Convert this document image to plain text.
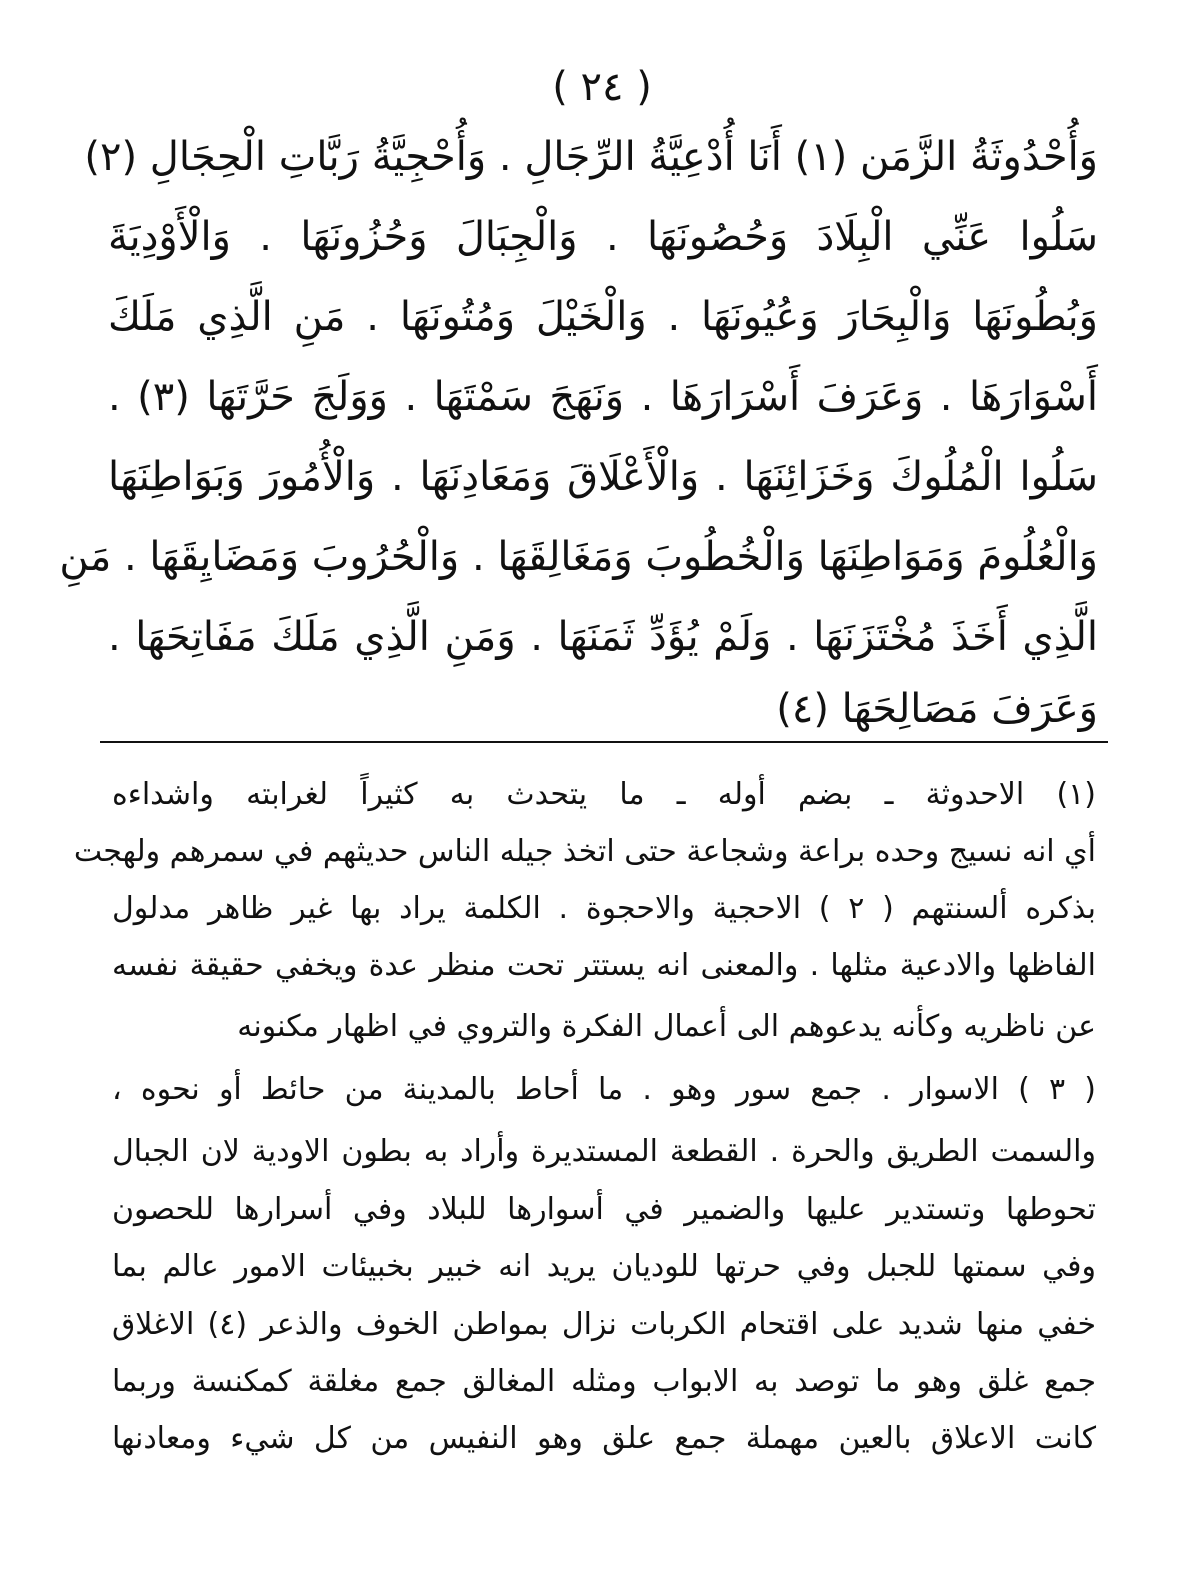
( ٢٤ )
وَأُحْدُوثَةُ الزَّمَن (١) أَنَا أُدْعِيَّةُ الرِّجَالِ . وَأُحْجِيَّةُ رَبَّاتِ الْحِجَالِ (٢)
سَلُوا عَنِّي الْبِلَادَ وَحُصُونَهَا . وَالْجِبَالَ وَحُزُونَهَا . وَالْأَوْدِيَةَ
وَبُطُونَهَا وَالْبِحَارَ وَعُيُونَهَا . وَالْخَيْلَ وَمُتُونَهَا . مَنِ الَّذِي مَلَكَ
أَسْوَارَهَا . وَعَرَفَ أَسْرَارَهَا . وَنَهَجَ سَمْتَهَا . وَوَلَجَ حَرَّتَهَا (٣) .
سَلُوا الْمُلُوكَ وَخَزَائِنَهَا . وَالْأَعْلَاقَ وَمَعَادِنَهَا . وَالْأُمُورَ وَبَوَاطِنَهَا
وَالْعُلُومَ وَمَوَاطِنَهَا وَالْخُطُوبَ وَمَغَالِقَهَا . وَالْحُرُوبَ وَمَضَايِقَهَا . مَنِ
الَّذِي أَخَذَ مُخْتَزَنَهَا . وَلَمْ يُؤَدِّ ثَمَنَهَا . وَمَنِ الَّذِي مَلَكَ مَفَاتِحَهَا .
وَعَرَفَ مَصَالِحَهَا (٤)
(١) الاحدوثة ـ بضم أوله ـ ما يتحدث به كثيراً لغرابته واشداءه
أي انه نسيج وحده براعة وشجاعة حتى اتخذ جيله الناس حديثهم في سمرهم ولهجت
بذكره ألسنتهم ( ٢ ) الاحجية والاحجوة . الكلمة يراد بها غير ظاهر مدلول
الفاظها والادعية مثلها . والمعنى انه يستتر تحت منظر عدة ويخفي حقيقة نفسه
عن ناظريه وكأنه يدعوهم الى أعمال الفكرة والتروي في اظهار مكنونه
( ٣ ) الاسوار . جمع سور وهو . ما أحاط بالمدينة من حائط أو نحوه ،
والسمت الطريق والحرة . القطعة المستديرة وأراد به بطون الاودية لان الجبال
تحوطها وتستدير عليها والضمير في أسوارها للبلاد وفي أسرارها للحصون
وفي سمتها للجبل وفي حرتها للوديان يريد انه خبير بخبيئات الامور عالم بما
خفي منها شديد على اقتحام الكربات نزال بمواطن الخوف والذعر (٤) الاغلاق
جمع غلق وهو ما توصد به الابواب ومثله المغالق جمع مغلقة كمكنسة وربما
كانت الاعلاق بالعين مهملة جمع علق وهو النفيس من كل شيء ومعادنها
